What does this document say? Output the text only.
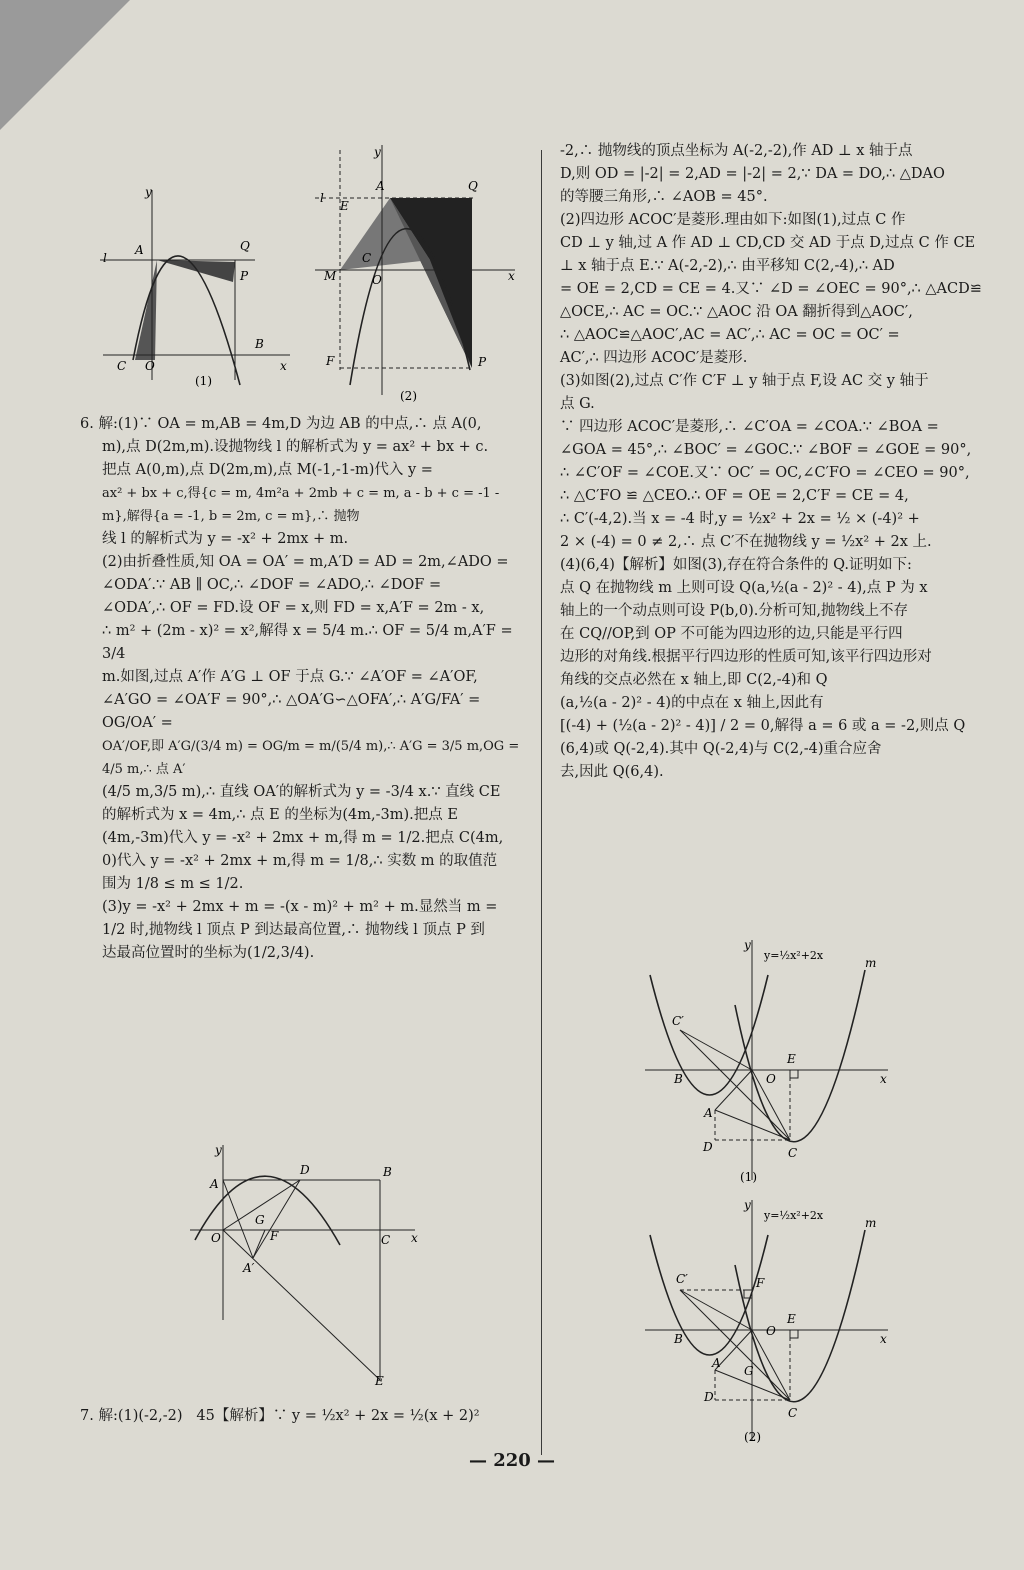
A	Q
P
l
y
x
C O
B
(1)
A	Q
l
E
y
x
M
C
O
F	P
(2)

6. 解:(1)∵ OA = m,AB = 4m,D 为边 AB 的中点,∴ 点 A(0,

m),点 D(2m,m).设抛物线 l 的解析式为 y = ax² + bx + c.

把点 A(0,m),点 D(2m,m),点 M(-1,-1-m)代入 y =

ax² + bx + c,得{c = m, 4m²a + 2mb + c = m, a - b + c = -1 - m},解得{a = -1, b = 2m, c = m},∴ 抛物

线 l 的解析式为 y = -x² + 2mx + m.

(2)由折叠性质,知 OA = OA′ = m,A′D = AD = 2m,∠ADO =

∠ODA′.∵ AB ∥ OC,∴ ∠DOF = ∠ADO,∴ ∠DOF =

∠ODA′,∴ OF = FD.设 OF = x,则 FD = x,A′F = 2m - x,

∴ m² + (2m - x)² = x²,解得 x = 5/4 m.∴ OF = 5/4 m,A′F = 3/4

m.如图,过点 A′作 A′G ⊥ OF 于点 G.∵ ∠A′OF = ∠A′OF,

∠A′GO = ∠OA′F = 90°,∴ △OA′G∽△OFA′,∴ A′G/FA′ = OG/OA′ =

OA′/OF,即 A′G/(3/4 m) = OG/m = m/(5/4 m),∴ A′G = 3/5 m,OG = 4/5 m,∴ 点 A′

(4/5 m,3/5 m),∴ 直线 OA′的解析式为 y = -3/4 x.∵ 直线 CE

的解析式为 x = 4m,∴ 点 E 的坐标为(4m,-3m).把点 E

(4m,-3m)代入 y = -x² + 2mx + m,得 m = 1/2.把点 C(4m,

0)代入 y = -x² + 2mx + m,得 m = 1/8,∴ 实数 m 的取值范

围为 1/8 ≤ m ≤ 1/2.

(3)y = -x² + 2mx + m = -(x - m)² + m² + m.显然当 m =

1/2 时,抛物线 l 顶点 P 到达最高位置,∴ 抛物线 l 顶点 P 到

达最高位置时的坐标为(1/2,3/4).

A
D	B
O	C
G
F
A′
E
y
x

7. 解:(1)(-2,-2)   45【解析】∵ y = ½x² + 2x = ½(x + 2)²

-2,∴ 抛物线的顶点坐标为 A(-2,-2),作 AD ⊥ x 轴于点

D,则 OD = |-2| = 2,AD = |-2| = 2,∵ DA = DO,∴ △DAO

的等腰三角形,∴ ∠AOB = 45°.

(2)四边形 ACOC′是菱形.理由如下:如图(1),过点 C 作

CD ⊥ y 轴,过 A 作 AD ⊥ CD,CD 交 AD 于点 D,过点 C 作 CE

⊥ x 轴于点 E.∵ A(-2,-2),∴ 由平移知 C(2,-4),∴ AD

= OE = 2,CD = CE = 4.又∵ ∠D = ∠OEC = 90°,∴ △ACD≌

△OCE,∴ AC = OC.∵ △AOC 沿 OA 翻折得到△AOC′,

∴ △AOC≌△AOC′,AC = AC′,∴ AC = OC = OC′ =

AC′,∴ 四边形 ACOC′是菱形.

(3)如图(2),过点 C′作 C′F ⊥ y 轴于点 F,设 AC 交 y 轴于

点 G.

∵ 四边形 ACOC′是菱形,∴ ∠C′OA = ∠COA.∵ ∠BOA =

∠GOA = 45°,∴ ∠BOC′ = ∠GOC.∵ ∠BOF = ∠GOE = 90°,

∴ ∠C′OF = ∠COE.又∵ OC′ = OC,∠C′FO = ∠CEO = 90°,

∴ △C′FO ≌ △CEO.∴ OF = OE = 2,C′F = CE = 4,

∴ C′(-4,2).当 x = -4 时,y = ½x² + 2x = ½ × (-4)² +

2 × (-4) = 0 ≠ 2,∴ 点 C′不在抛物线 y = ½x² + 2x 上.

(4)(6,4)【解析】如图(3),存在符合条件的 Q.证明如下:

点 Q 在抛物线 m 上则可设 Q(a,½(a - 2)² - 4),点 P 为 x

轴上的一个动点则可设 P(b,0).分析可知,抛物线上不存

在 CQ//OP,到 OP 不可能为四边形的边,只能是平行四

边形的对角线.根据平行四边形的性质可知,该平行四边形对

角线的交点必然在 x 轴上,即 C(2,-4)和 Q

(a,½(a - 2)² - 4)的中点在 x 轴上,因此有

[(-4) + (½(a - 2)² - 4)] / 2 = 0,解得 a = 6 或 a = -2,则点 Q

(6,4)或 Q(-2,4).其中 Q(-2,4)与 C(2,-4)重合应舍

去,因此 Q(6,4).

C′
B	O
E
A
D	C
y
x
m
y=½x²+2x
(1)
C′	F
B
O
E
A
G
D
C
y
x
m
y=½x²+2x
(2)
— 220 —
